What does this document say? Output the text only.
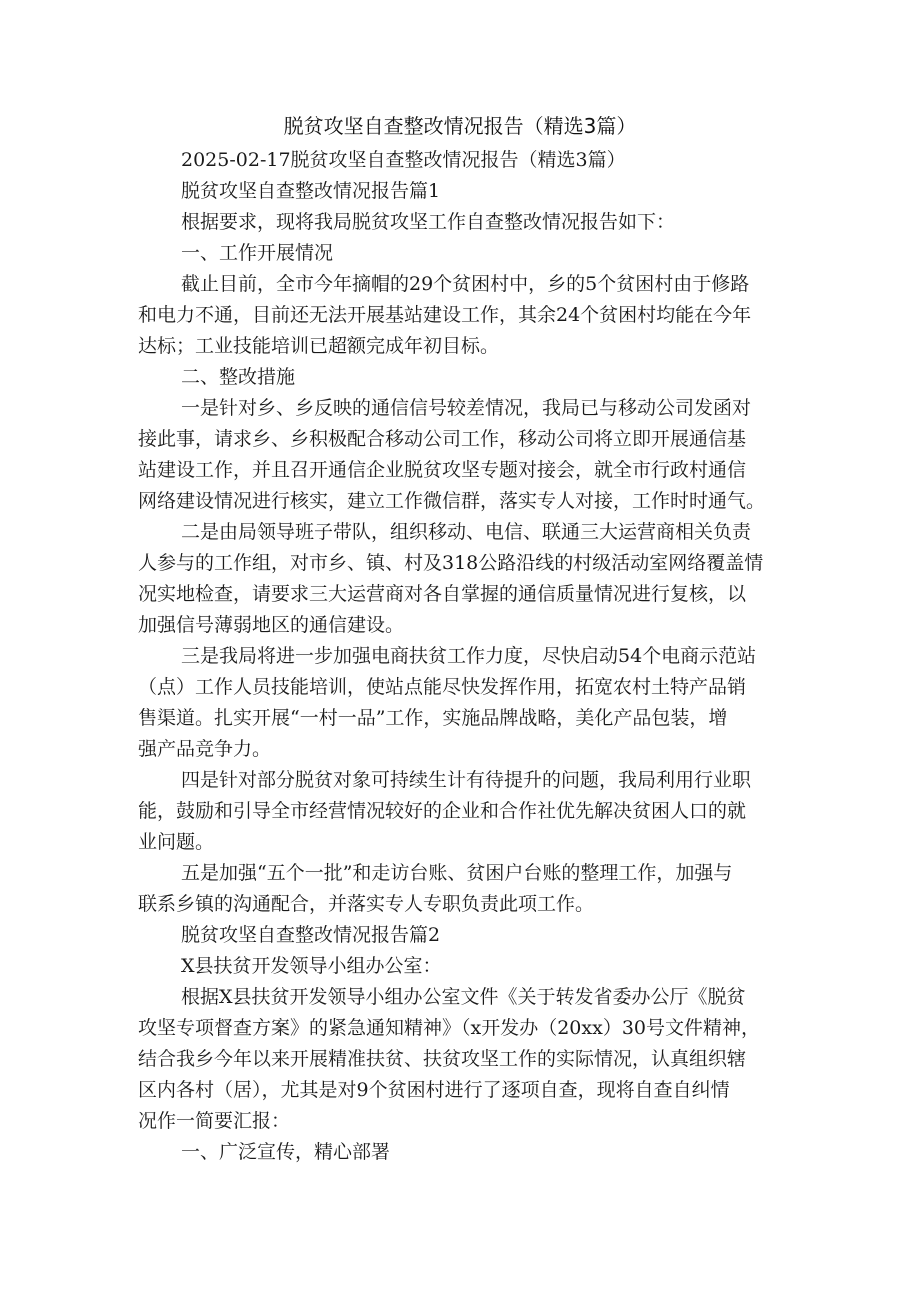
脱贫攻坚自查整改情况报告（精选3篇）
2025-02-17脱贫攻坚自查整改情况报告（精选3篇）
脱贫攻坚自查整改情况报告篇1
根据要求，现将我局脱贫攻坚工作自查整改情况报告如下：
一、工作开展情况
截止目前，全市今年摘帽的29个贫困村中，乡的5个贫困村由于修路
和电力不通，目前还无法开展基站建设工作，其余24个贫困村均能在今年
达标；工业技能培训已超额完成年初目标。
二、整改措施
一是针对乡、乡反映的通信信号较差情况，我局已与移动公司发函对
接此事，请求乡、乡积极配合移动公司工作，移动公司将立即开展通信基
站建设工作，并且召开通信企业脱贫攻坚专题对接会，就全市行政村通信
网络建设情况进行核实，建立工作微信群，落实专人对接，工作时时通气。
二是由局领导班子带队，组织移动、电信、联通三大运营商相关负责
人参与的工作组，对市乡、镇、村及318公路沿线的村级活动室网络覆盖情
况实地检查，请要求三大运营商对各自掌握的通信质量情况进行复核，以
加强信号薄弱地区的通信建设。
三是我局将进一步加强电商扶贫工作力度，尽快启动54个电商示范站
（点）工作人员技能培训，使站点能尽快发挥作用，拓宽农村土特产品销
售渠道。扎实开展“一村一品”工作，实施品牌战略，美化产品包装，增
强产品竞争力。
四是针对部分脱贫对象可持续生计有待提升的问题，我局利用行业职
能，鼓励和引导全市经营情况较好的企业和合作社优先解决贫困人口的就
业问题。
五是加强“五个一批”和走访台账、贫困户台账的整理工作，加强与
联系乡镇的沟通配合，并落实专人专职负责此项工作。
脱贫攻坚自查整改情况报告篇2
X县扶贫开发领导小组办公室：
根据X县扶贫开发领导小组办公室文件《关于转发省委办公厅《脱贫
攻坚专项督查方案》的紧急通知精神》（x开发办（20xx）30号文件精神，
结合我乡今年以来开展精准扶贫、扶贫攻坚工作的实际情况，认真组织辖
区内各村（居），尤其是对9个贫困村进行了逐项自查，现将自查自纠情
况作一简要汇报：
一、广泛宣传，精心部署
